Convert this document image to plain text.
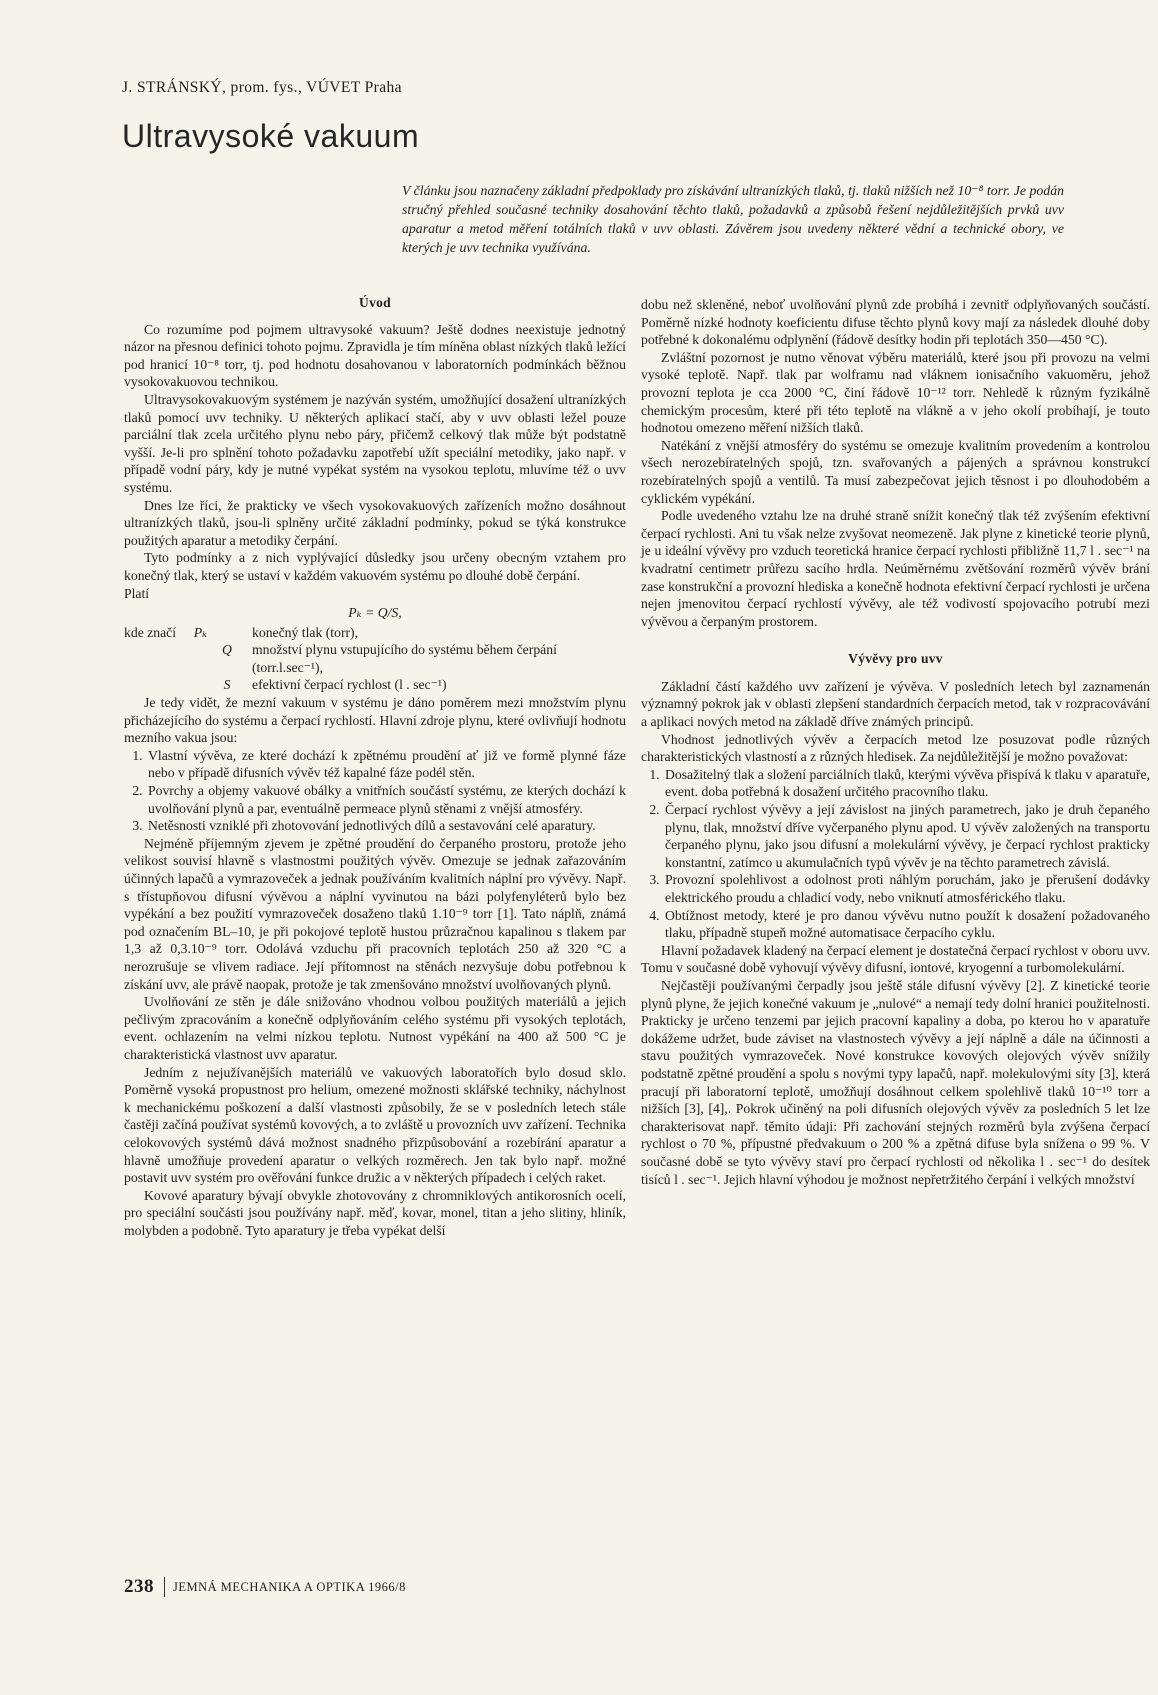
J. STRÁNSKÝ, prom. fys., VÚVET Praha
Ultravysoké vakuum
V článku jsou naznačeny základní předpoklady pro získávání ultranízkých tlaků, tj. tlaků nižších než 10⁻⁸ torr. Je podán stručný přehled současné techniky dosahování těchto tlaků, požadavků a způsobů řešení nejdůležitějších prvků uvv aparatur a metod měření totálních tlaků v uvv oblasti. Závěrem jsou uvedeny některé vědní a technické obory, ve kterých je uvv technika využívána.
Úvod

Co rozumíme pod pojmem ultravysoké vakuum? Ještě dodnes neexistuje jednotný názor na přesnou definici tohoto pojmu. Zpravidla je tím míněna oblast nízkých tlaků ležící pod hranicí 10⁻⁸ torr, tj. pod hodnotu dosahovanou v laboratorních podmínkách běžnou vysokovakuovou technikou.

Ultravysokovakuovým systémem je nazýván systém, umožňující dosažení ultranízkých tlaků pomocí uvv techniky. U některých aplikací stačí, aby v uvv oblasti ležel pouze parciální tlak zcela určitého plynu nebo páry, přičemž celkový tlak může být podstatně vyšší. Je-li pro splnění tohoto požadavku zapotřebí užít speciální metodiky, jako např. v případě vodní páry, kdy je nutné vypékat systém na vysokou teplotu, mluvíme též o uvv systému.

Dnes lze říci, že prakticky ve všech vysokovakuových zařízeních možno dosáhnout ultranízkých tlaků, jsou-li splněny určité základní podmínky, pokud se týká konstrukce použitých aparatur a metodiky čerpání.

Tyto podmínky a z nich vyplývající důsledky jsou určeny obecným vztahem pro konečný tlak, který se ustaví v každém vakuovém systému po dlouhé době čerpání.

Platí

Pₖ = Q/S,
kde značí Pₖ	konečný tlak (torr),
Q	množství plynu vstupujícího do systému během čerpání (torr.l.sec⁻¹),
S	efektivní čerpací rychlost (l . sec⁻¹)

Je tedy vidět, že mezní vakuum v systému je dáno poměrem mezi množstvím plynu přicházejícího do systému a čerpací rychlostí. Hlavní zdroje plynu, které ovlivňují hodnotu mezního vakua jsou:

1. Vlastní vývěva, ze které dochází k zpětnému proudění ať již ve formě plynné fáze nebo v případě difusních vývěv též kapalné fáze podél stěn.
2. Povrchy a objemy vakuové obálky a vnitřních součástí systému, ze kterých dochází k uvolňování plynů a par, eventuálně permeace plynů stěnami z vnější atmosféry.
3. Netěsnosti vzniklé při zhotovování jednotlivých dílů a sestavování celé aparatury.

Nejméně příjemným zjevem je zpětné proudění do čerpaného prostoru, protože jeho velikost souvisí hlavně s vlastnostmi použitých vývěv. Omezuje se jednak zařazováním účinných lapačů a vymrazoveček a jednak používáním kvalitních náplní pro vývěvy. Např. s třístupňovou difusní vývěvou a náplní vyvinutou na bázi polyfenyléterů bylo bez vypékání a bez použití vymrazoveček dosaženo tlaků 1.10⁻⁹ torr [1]. Tato náplň, známá pod označením BL–10, je při pokojové teplotě hustou průzračnou kapalinou s tlakem par 1,3 až 0,3.10⁻⁹ torr. Odolává vzduchu při pracovních teplotách 250 až 320 °C a nerozrušuje se vlivem radiace. Její přítomnost na stěnách nezvyšuje dobu potřebnou k získání uvv, ale právě naopak, protože je tak zmenšováno množství uvolňovaných plynů.

Uvolňování ze stěn je dále snižováno vhodnou volbou použitých materiálů a jejich pečlivým zpracováním a konečně odplyňováním celého systému při vysokých teplotách, event. ochlazením na velmi nízkou teplotu. Nutnost vypékání na 400 až 500 °C je charakteristická vlastnost uvv aparatur.

Jedním z nejužívanějších materiálů ve vakuových laboratořích bylo dosud sklo. Poměrně vysoká propustnost pro helium, omezené možnosti sklářské techniky, náchylnost k mechanickému poškození a další vlastnosti způsobily, že se v posledních letech stále častěji začíná používat systémů kovových, a to zvláště u provozních uvv zařízení. Technika celokovových systémů dává možnost snadného přizpůsobování a rozebírání aparatur a hlavně umožňuje provedení aparatur o velkých rozměrech. Jen tak bylo např. možné postavit uvv systém pro ověřování funkce družic a v některých případech i celých raket.

Kovové aparatury bývají obvykle zhotovovány z chromniklových antikorosních ocelí, pro speciální součásti jsou používány např. měď, kovar, monel, titan a jeho slitiny, hliník, molybden a podobně. Tyto aparatury je třeba vypékat delší

dobu než skleněné, neboť uvolňování plynů zde probíhá i zevnitř odplyňovaných součástí. Poměrně nízké hodnoty koeficientu difuse těchto plynů kovy mají za následek dlouhé doby potřebné k dokonalému odplynění (řádově desítky hodin při teplotách 350—450 °C).

Zvláštní pozornost je nutno věnovat výběru materiálů, které jsou při provozu na velmi vysoké teplotě. Např. tlak par wolframu nad vláknem ionisačního vakuoměru, jehož provozní teplota je cca 2000 °C, činí řádově 10⁻¹² torr. Nehledě k různým fyzikálně chemickým procesům, které při této teplotě na vlákně a v jeho okolí probíhají, je touto hodnotou omezeno měření nižších tlaků.

Natékání z vnější atmosféry do systému se omezuje kvalitním provedením a kontrolou všech nerozebíratelných spojů, tzn. svařovaných a pájených a správnou konstrukcí rozebíratelných spojů a ventilů. Ta musí zabezpečovat jejich těsnost i po dlouhodobém a cyklickém vypékání.

Podle uvedeného vztahu lze na druhé straně snížit konečný tlak též zvýšením efektivní čerpací rychlosti. Ani tu však nelze zvyšovat neomezeně. Jak plyne z kinetické teorie plynů, je u ideální vývěvy pro vzduch teoretická hranice čerpací rychlosti přibližně 11,7 l . sec⁻¹ na kvadratní centimetr průřezu sacího hrdla. Neúměrnému zvětšování rozměrů vývěv brání zase konstrukční a provozní hlediska a konečně hodnota efektivní čerpací rychlosti je určena nejen jmenovitou čerpací rychlostí vývěvy, ale též vodivostí spojovacího potrubí mezi vývěvou a čerpaným prostorem.

Vývěvy pro uvv

Základní částí každého uvv zařízení je vývěva. V posledních letech byl zaznamenán významný pokrok jak v oblasti zlepšení standardních čerpacích metod, tak v rozpracovávání a aplikaci nových metod na základě dříve známých principů.

Vhodnost jednotlivých vývěv a čerpacích metod lze posuzovat podle různých charakteristických vlastností a z různých hledisek. Za nejdůležitější je možno považovat:

1. Dosažitelný tlak a složení parciálních tlaků, kterými vývěva přispívá k tlaku v aparatuře, event. doba potřebná k dosažení určitého pracovního tlaku.
2. Čerpací rychlost vývěvy a její závislost na jiných parametrech, jako je druh čepaného plynu, tlak, množství dříve vyčerpaného plynu apod. U vývěv založených na transportu čerpaného plynu, jako jsou difusní a molekulární vývěvy, je čerpací rychlost prakticky konstantní, zatímco u akumulačních typů vývěv je na těchto parametrech závislá.
3. Provozní spolehlivost a odolnost proti náhlým poruchám, jako je přerušení dodávky elektrického proudu a chladicí vody, nebo vniknutí atmosférického tlaku.
4. Obtížnost metody, které je pro danou vývěvu nutno použít k dosažení požadovaného tlaku, případně stupeň možné automatisace čerpacího cyklu.

Hlavní požadavek kladený na čerpací element je dostatečná čerpací rychlost v oboru uvv. Tomu v současné době vyhovují vývěvy difusní, iontové, kryogenní a turbomolekulární.

Nejčastěji používanými čerpadly jsou ještě stále difusní vývěvy [2]. Z kinetické teorie plynů plyne, že jejich konečné vakuum je „nulové“ a nemají tedy dolní hranici použitelnosti. Prakticky je určeno tenzemi par jejich pracovní kapaliny a doba, po kterou ho v aparatuře dokážeme udržet, bude záviset na vlastnostech vývěvy a její náplně a dále na účinnosti a stavu použitých vymrazoveček. Nové konstrukce kovových olejových vývěv snížily podstatně zpětné proudění a spolu s novými typy lapačů, např. molekulovými síty [3], která pracují při laboratorní teplotě, umožňují dosáhnout celkem spolehlivě tlaků 10⁻¹⁰ torr a nižších [3], [4],. Pokrok učiněný na poli difusních olejových vývěv za posledních 5 let lze charakterisovat např. těmito údaji: Při zachování stejných rozměrů byla zvýšena čerpací rychlost o 70 %, přípustné předvakuum o 200 % a zpětná difuse byla snížena o 99 %. V současné době se tyto vývěvy staví pro čerpací rychlosti od několika l . sec⁻¹ do desítek tisíců l . sec⁻¹. Jejich hlavní výhodou je možnost nepřetržitého čerpání i velkých množství

238 JEMNÁ MECHANIKA A OPTIKA 1966/8
